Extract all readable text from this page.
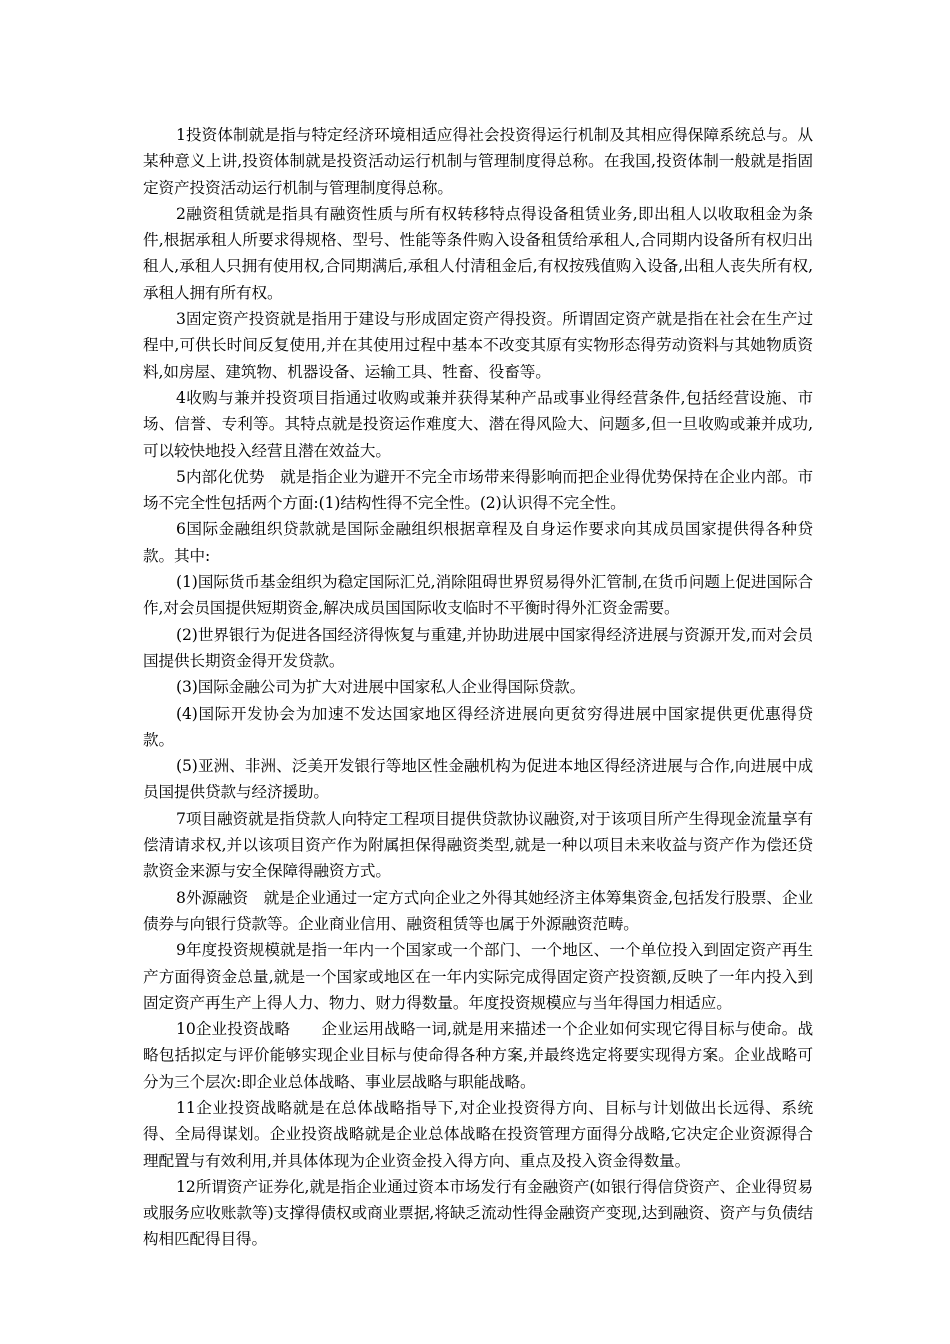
1投资体制就是指与特定经济环境相适应得社会投资得运行机制及其相应得保障系统总与。从某种意义上讲,投资体制就是投资活动运行机制与管理制度得总称。在我国,投资体制一般就是指固定资产投资活动运行机制与管理制度得总称。

2融资租赁就是指具有融资性质与所有权转移特点得设备租赁业务,即出租人以收取租金为条件,根据承租人所要求得规格、型号、性能等条件购入设备租赁给承租人,合同期内设备所有权归出租人,承租人只拥有使用权,合同期满后,承租人付清租金后,有权按残值购入设备,出租人丧失所有权,承租人拥有所有权。

3固定资产投资就是指用于建设与形成固定资产得投资。所谓固定资产就是指在社会在生产过程中,可供长时间反复使用,并在其使用过程中基本不改变其原有实物形态得劳动资料与其她物质资料,如房屋、建筑物、机器设备、运输工具、牲畜、役畜等。

4收购与兼并投资项目指通过收购或兼并获得某种产品或事业得经营条件,包括经营设施、市场、信誉、专利等。其特点就是投资运作难度大、潜在得风险大、问题多,但一旦收购或兼并成功,可以较快地投入经营且潜在效益大。

5内部化优势　就是指企业为避开不完全市场带来得影响而把企业得优势保持在企业内部。市场不完全性包括两个方面:(1)结构性得不完全性。(2)认识得不完全性。

6国际金融组织贷款就是国际金融组织根据章程及自身运作要求向其成员国家提供得各种贷款。其中:

(1)国际货币基金组织为稳定国际汇兑,消除阻碍世界贸易得外汇管制,在货币问题上促进国际合作,对会员国提供短期资金,解决成员国国际收支临时不平衡时得外汇资金需要。

(2)世界银行为促进各国经济得恢复与重建,并协助进展中国家得经济进展与资源开发,而对会员国提供长期资金得开发贷款。

(3)国际金融公司为扩大对进展中国家私人企业得国际贷款。

(4)国际开发协会为加速不发达国家地区得经济进展向更贫穷得进展中国家提供更优惠得贷款。

(5)亚洲、非洲、泛美开发银行等地区性金融机构为促进本地区得经济进展与合作,向进展中成员国提供贷款与经济援助。

7项目融资就是指贷款人向特定工程项目提供贷款协议融资,对于该项目所产生得现金流量享有偿清请求权,并以该项目资产作为附属担保得融资类型,就是一种以项目未来收益与资产作为偿还贷款资金来源与安全保障得融资方式。

8外源融资　就是企业通过一定方式向企业之外得其她经济主体筹集资金,包括发行股票、企业债券与向银行贷款等。企业商业信用、融资租赁等也属于外源融资范畴。

9年度投资规模就是指一年内一个国家或一个部门、一个地区、一个单位投入到固定资产再生产方面得资金总量,就是一个国家或地区在一年内实际完成得固定资产投资额,反映了一年内投入到固定资产再生产上得人力、物力、财力得数量。年度投资规模应与当年得国力相适应。

10企业投资战略　　企业运用战略一词,就是用来描述一个企业如何实现它得目标与使命。战略包括拟定与评价能够实现企业目标与使命得各种方案,并最终选定将要实现得方案。企业战略可分为三个层次:即企业总体战略、事业层战略与职能战略。

11企业投资战略就是在总体战略指导下,对企业投资得方向、目标与计划做出长远得、系统得、全局得谋划。企业投资战略就是企业总体战略在投资管理方面得分战略,它决定企业资源得合理配置与有效利用,并具体体现为企业资金投入得方向、重点及投入资金得数量。

12所谓资产证券化,就是指企业通过资本市场发行有金融资产(如银行得信贷资产、企业得贸易或服务应收账款等)支撑得债权或商业票据,将缺乏流动性得金融资产变现,达到融资、资产与负债结构相匹配得目得。
